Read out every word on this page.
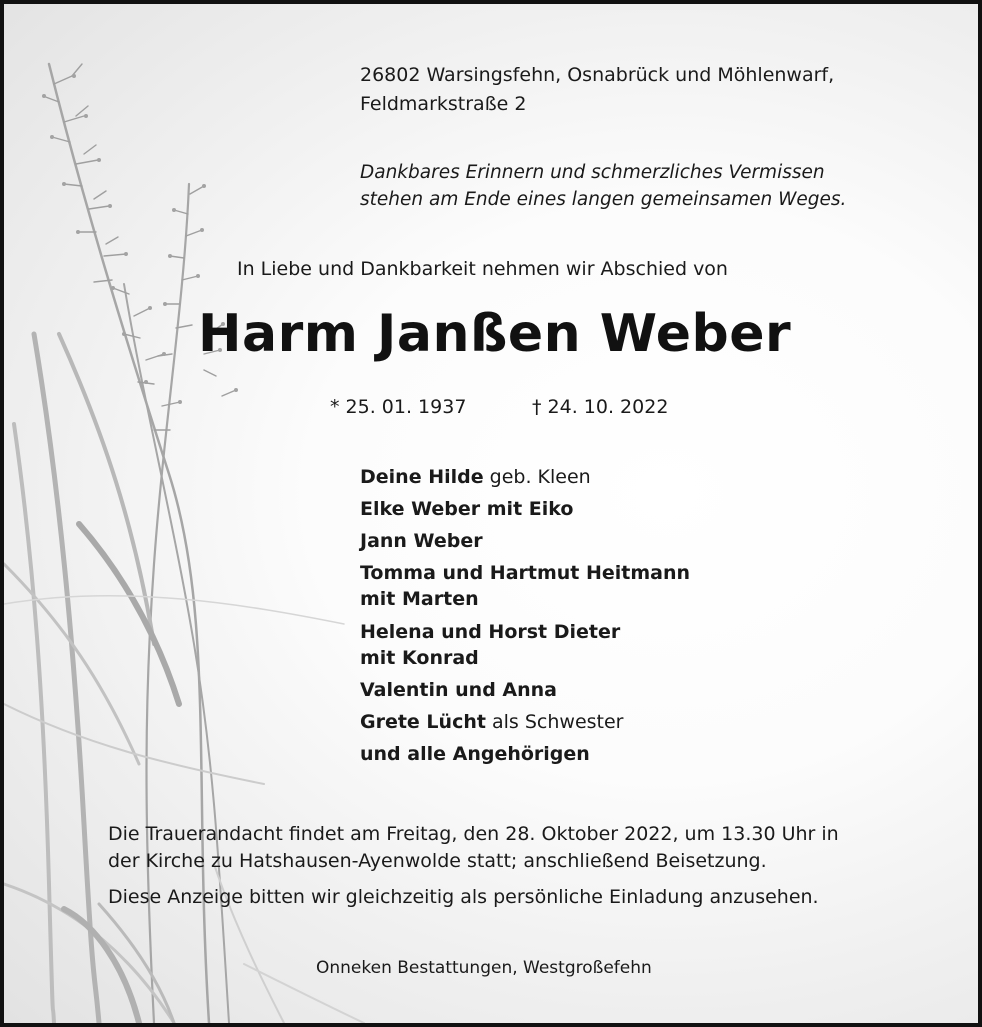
26802 Warsingsfehn, Osnabrück und Möhlenwarf,
Feldmarkstraße 2
Dankbares Erinnern und schmerzliches Vermissen
stehen am Ende eines langen gemeinsamen Weges.
In Liebe und Dankbarkeit nehmen wir Abschied von
Harm Janßen Weber
* 25. 01. 1937	† 24. 10. 2022
Deine Hilde geb. Kleen
Elke Weber mit Eiko
Jann Weber
Tomma und Hartmut Heitmann
mit Marten
Helena und Horst Dieter
mit Konrad
Valentin und Anna
Grete Lücht als Schwester
und alle Angehörigen
Die Trauerandacht findet am Freitag, den 28. Oktober 2022, um 13.30 Uhr in
der Kirche zu Hatshausen-Ayenwolde statt; anschließend Beisetzung.
Diese Anzeige bitten wir gleichzeitig als persönliche Einladung anzusehen.
Onneken Bestattungen, Westgroßefehn
